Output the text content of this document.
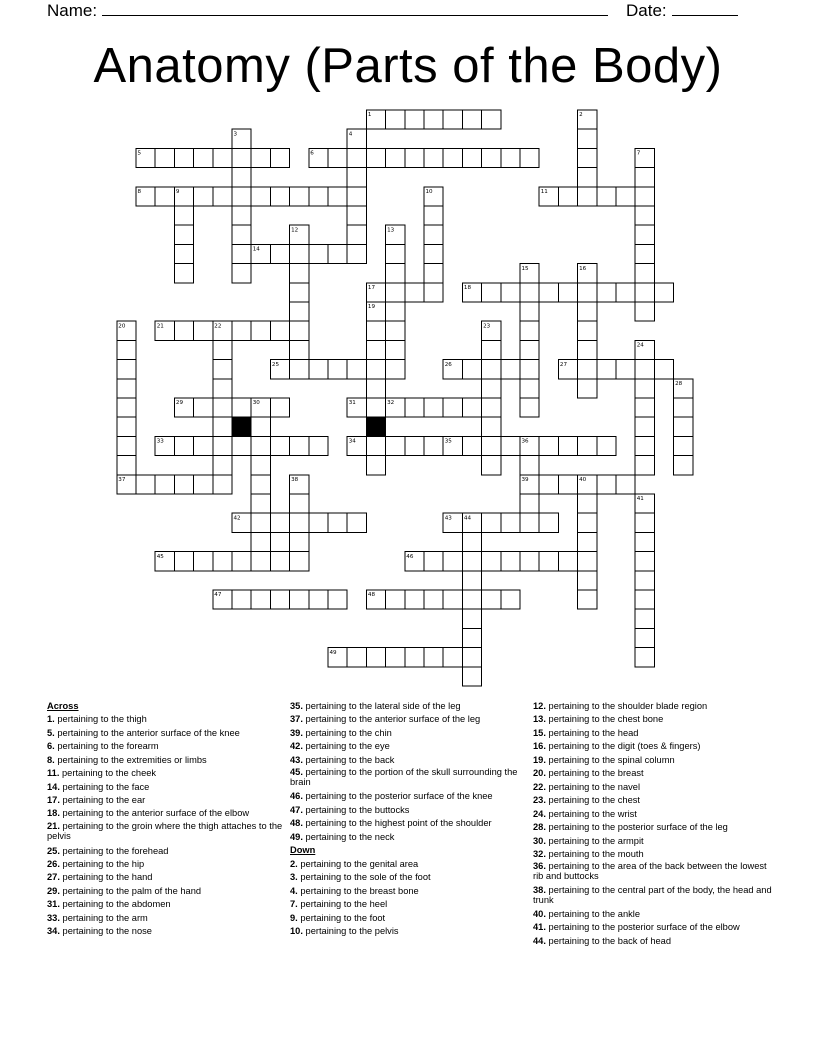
Name:	Date:
Anatomy (Parts of the Body)
1	2
3	4
5	6	7
8	9	10	11
12	13
14
15	16
17	18
19
20	21	22	23
24
25	26	27
28
29	30	31	32
33	34	35	36
37	38	39	40
41
42	43 44
45	46
47	48
49
Across
1. pertaining to the thigh
5. pertaining to the anterior surface of the knee
6. pertaining to the forearm
8. pertaining to the extremities or limbs
11. pertaining to the cheek
14. pertaining to the face
17. pertaining to the ear
18. pertaining to the anterior surface of the elbow
21. pertaining to the groin where the thigh attaches to the pelvis
25. pertaining to the forehead
26. pertaining to the hip
27. pertaining to the hand
29. pertaining to the palm of the hand
31. pertaining to the abdomen
33. pertaining to the arm
34. pertaining to the nose
35. pertaining to the lateral side of the leg
37. pertaining to the anterior surface of the leg
39. pertaining to the chin
42. pertaining to the eye
43. pertaining to the back
45. pertaining to the portion of the skull surrounding the brain
46. pertaining to the posterior surface of the knee
47. pertaining to the buttocks
48. pertaining to the highest point of the shoulder
49. pertaining to the neck
Down
2. pertaining to the genital area
3. pertaining to the sole of the foot
4. pertaining to the breast bone
7. pertaining to the heel
9. pertaining to the foot
10. pertaining to the pelvis
12. pertaining to the shoulder blade region
13. pertaining to the chest bone
15. pertaining to the head
16. pertaining to the digit (toes & fingers)
19. pertaining to the spinal column
20. pertaining to the breast
22. pertaining to the navel
23. pertaining to the chest
24. pertaining to the wrist
28. pertaining to the posterior surface of the leg
30. pertaining to the armpit
32. pertaining to the mouth
36. pertaining to the area of the back between the lowest rib and buttocks
38. pertaining to the central part of the body, the head and trunk
40. pertaining to the ankle
41. pertaining to the posterior surface of the elbow
44. pertaining to the back of head
